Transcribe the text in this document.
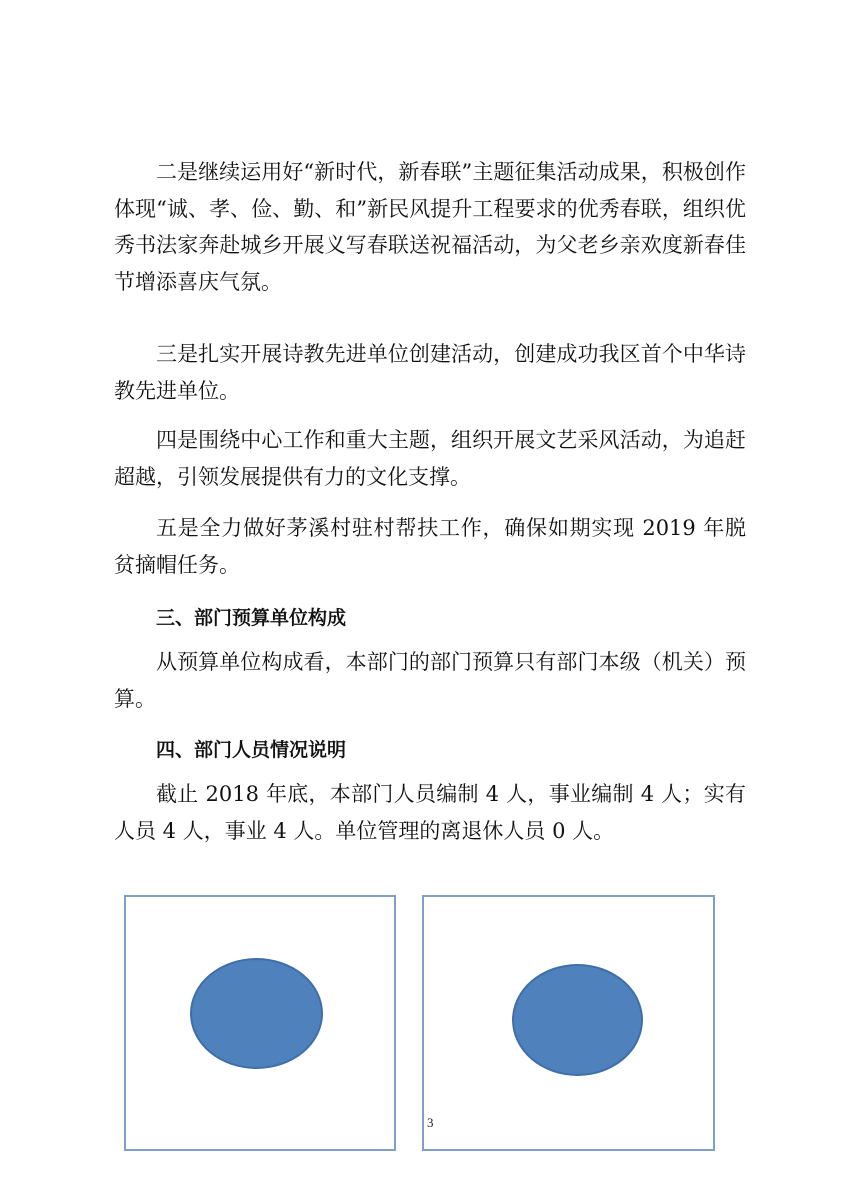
二是继续运用好“新时代，新春联”主题征集活动成果，积极创作体现“诚、孝、俭、勤、和”新民风提升工程要求的优秀春联，组织优秀书法家奔赴城乡开展义写春联送祝福活动，为父老乡亲欢度新春佳节增添喜庆气氛。

三是扎实开展诗教先进单位创建活动，创建成功我区首个中华诗教先进单位。

四是围绕中心工作和重大主题，组织开展文艺采风活动，为追赶超越，引领发展提供有力的文化支撑。

五是全力做好茅溪村驻村帮扶工作，确保如期实现 2019 年脱贫摘帽任务。

三、部门预算单位构成

从预算单位构成看，本部门的部门预算只有部门本级（机关）预算。

四、部门人员情况说明

截止 2018 年底，本部门人员编制 4 人，事业编制 4 人；实有人员 4 人，事业 4 人。单位管理的离退休人员 0 人。

3
